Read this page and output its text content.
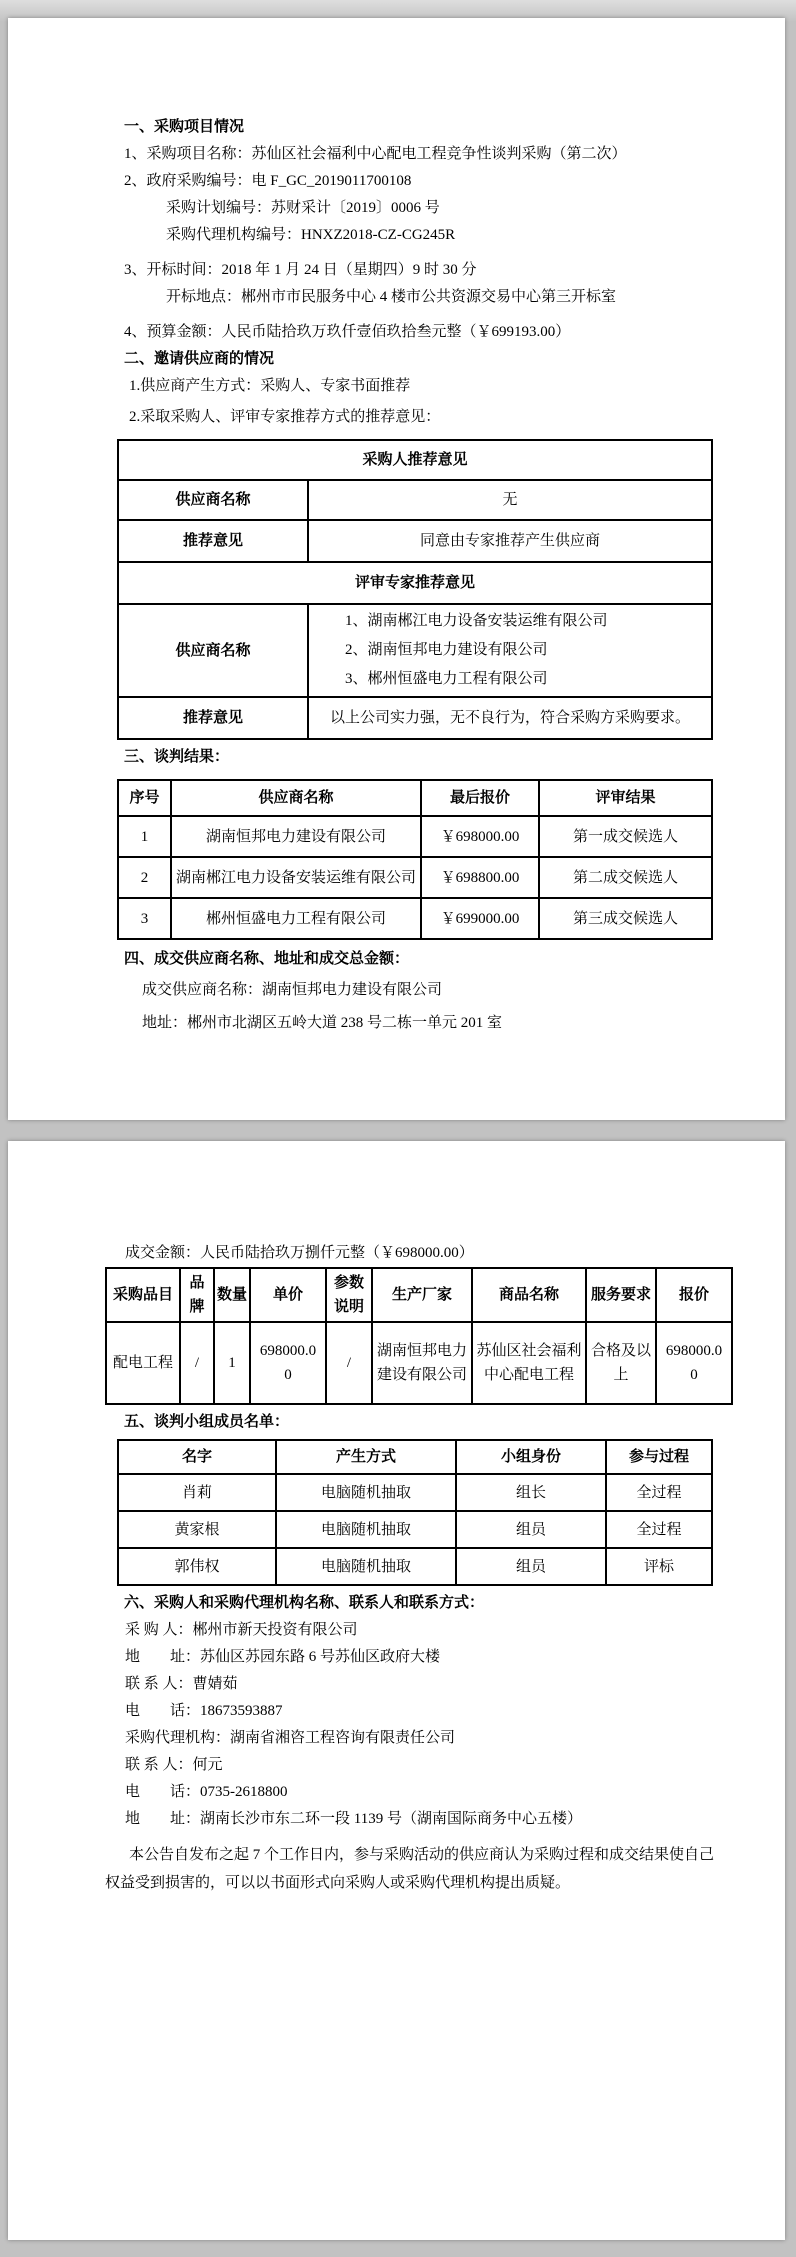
一、采购项目情况
1、采购项目名称：苏仙区社会福利中心配电工程竞争性谈判采购（第二次）
2、政府采购编号：电 F_GC_2019011700108
采购计划编号：苏财采计〔2019〕0006 号
采购代理机构编号：HNXZ2018-CZ-CG245R
3、开标时间：2018 年 1 月 24 日（星期四）9 时 30 分
开标地点：郴州市市民服务中心 4 楼市公共资源交易中心第三开标室
4、预算金额：人民币陆拾玖万玖仟壹佰玖拾叁元整（￥699193.00）
二、邀请供应商的情况
1.供应商产生方式：采购人、专家书面推荐
2.采取采购人、评审专家推荐方式的推荐意见：
采购人推荐意见	
供应商名称	无
推荐意见	同意由专家推荐产生供应商
评审专家推荐意见	
供应商名称	1、湖南郴江电力设备安装运维有限公司
2、湖南恒邦电力建设有限公司
3、郴州恒盛电力工程有限公司

推荐意见	以上公司实力强，无不良行为，符合采购方采购要求。
三、谈判结果：
序号	供应商名称	最后报价	评审结果
1	湖南恒邦电力建设有限公司	￥698000.00	第一成交候选人
2	湖南郴江电力设备安装运维有限公司	￥698800.00	第二成交候选人
3	郴州恒盛电力工程有限公司	￥699000.00	第三成交候选人
四、成交供应商名称、地址和成交总金额：
成交供应商名称：湖南恒邦电力建设有限公司
地址：郴州市北湖区五岭大道 238 号二栋一单元 201 室
成交金额：人民币陆拾玖万捌仟元整（￥698000.00）
采购品目	品牌	数量	单价	参数说明	生产厂家	商品名称	服务要求	报价
配电工程	/	1	698000.00	/	湖南恒邦电力建设有限公司	苏仙区社会福利中心配电工程	合格及以上	698000.00
五、谈判小组成员名单：
名字	产生方式	小组身份	参与过程
肖莉	电脑随机抽取	组长	全过程
黄家根	电脑随机抽取	组员	全过程
郭伟权	电脑随机抽取	组员	评标
六、采购人和采购代理机构名称、联系人和联系方式：
采 购 人：郴州市新天投资有限公司
地　　址：苏仙区苏园东路 6 号苏仙区政府大楼
联 系 人：曹婧茹
电　　话：18673593887
采购代理机构：湖南省湘咨工程咨询有限责任公司
联 系 人：何元
电　　话：0735-2618800
地　　址：湖南长沙市东二环一段 1139 号（湖南国际商务中心五楼）
本公告自发布之起 7 个工作日内，参与采购活动的供应商认为采购过程和成交结果使自己权益受到损害的，可以以书面形式向采购人或采购代理机构提出质疑。
